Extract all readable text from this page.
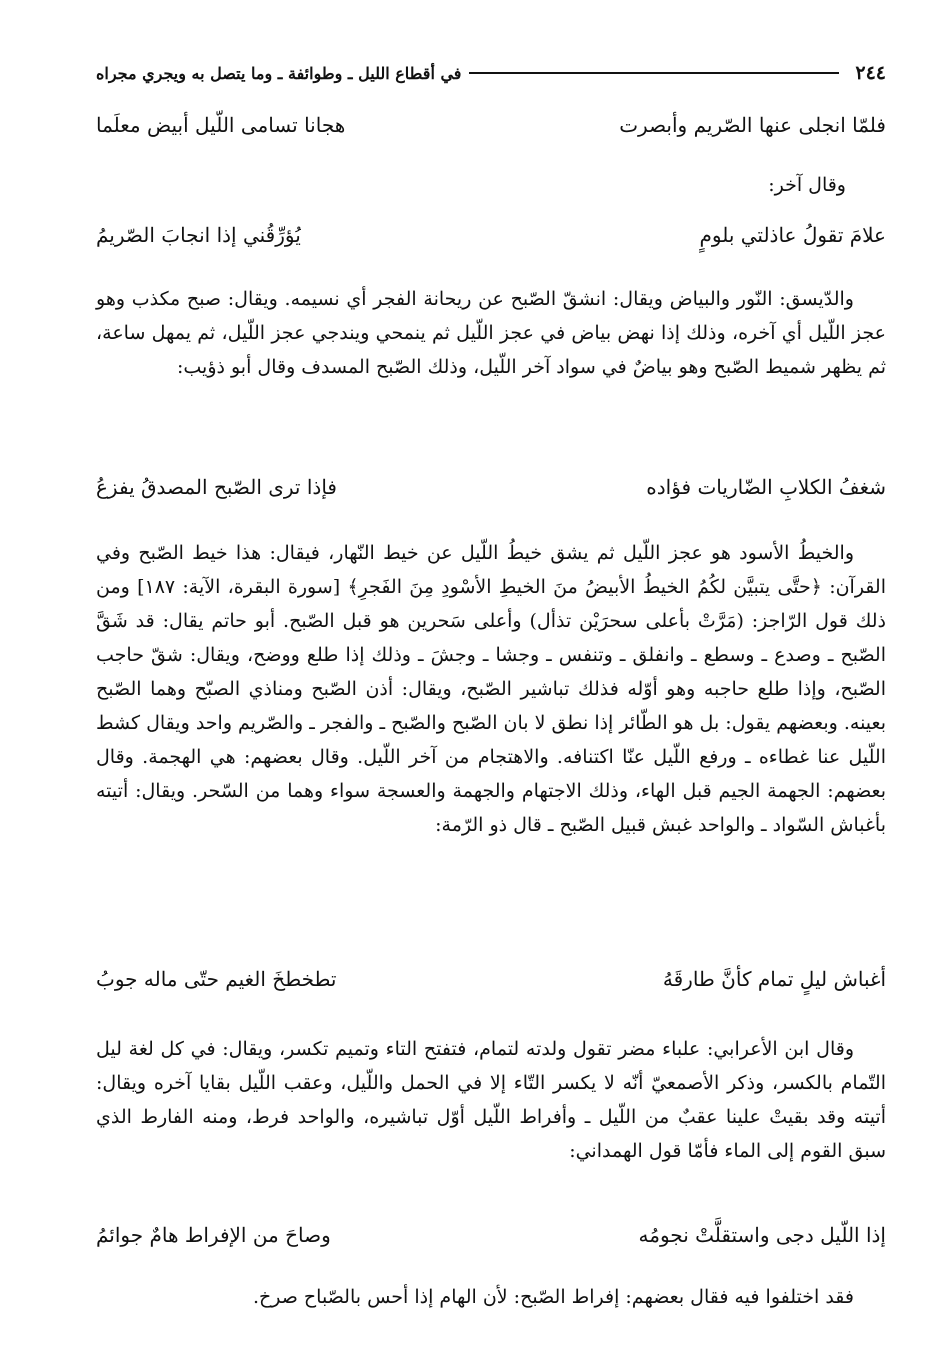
٢٤٤
في أقطاع الليل ـ وطوائفة ـ وما يتصل به ويجري مجراه
فلمّا انجلى عنها الصّريم وأبصرت
هجانا تسامى اللّيل أبيض معلَما
وقال آخر:
علامَ تقولُ عاذلتي بلومٍ
يُؤرِّقُني إذا انجابَ الصّريمُ

والدّيسق: النّور والبياض ويقال: انشقّ الصّبح عن ريحانة الفجر أي نسيمه. ويقال: صبح مكذب وهو عجز اللّيل أي آخره، وذلك إذا نهض بياض في عجز اللّيل ثم ينمحي ويندجي عجز اللّيل، ثم يمهل ساعة، ثم يظهر شميط الصّبح وهو بياضٌ في سواد آخر اللّيل، وذلك الصّبح المسدف وقال أبو ذؤيب:

شغفُ الكلابِ الضّاريات فؤاده
فإذا ترى الصّبح المصدقُ يفزعُ

والخيطُ الأسود هو عجز اللّيل ثم يشق خيطُ اللّيل عن خيط النّهار، فيقال: هذا خيط الصّبح وفي القرآن: ﴿حتَّى يتبيَّن لكُمُ الخيطُ الأبيضُ منَ الخيطِ الأسْودِ مِنَ الفَجرِ﴾ [سورة البقرة، الآية: ١٨٧] ومن ذلك قول الرّاجز: (مَرَّتْ بأعلى سحرَيْن تذأل) وأعلى سَحرين هو قبل الصّبح. أبو حاتم يقال: قد شَقَّ الصّبح ـ وصدع ـ وسطع ـ وانفلق ـ وتنفس ـ وجشا ـ وجشَ ـ وذلك إذا طلع ووضح، ويقال: شقّ حاجب الصّبح، وإذا طلع حاجبه وهو أوّله فذلك تباشير الصّبح، ويقال: أذن الصّبح ومناذي الصبّح وهما الصّبح بعينه. وبعضهم يقول: بل هو الطّائر إذا نطق لا بان الصّبح والصّبح ـ والفجر ـ والصّريم واحد ويقال كشط اللّيل عنا غطاءه ـ ورفع اللّيل عنّا اكتنافه. والاهتجام من آخر اللّيل. وقال بعضهم: هي الهجمة. وقال بعضهم: الجهمة الجيم قبل الهاء، وذلك الاجتهام والجهمة والعسجة سواء وهما من السّحر. ويقال: أتيته بأغباش السّواد ـ والواحد غبش قبيل الصّبح ـ قال ذو الرّمة:

أغباش ليلٍ تمام كأنَّ طارقَهُ
تطخطخَ الغيم حتّى ماله جوبُ

وقال ابن الأعرابي: علباء مضر تقول ولدته لتمام، فتفتح التاء وتميم تكسر، ويقال: في كل لغة ليل التّمام بالكسر، وذكر الأصمعيّ أنّه لا يكسر التّاء إلا في الحمل واللّيل، وعقب اللّيل بقايا آخره ويقال: أتيته وقد بقيتْ علينا عقبٌ من اللّيل ـ وأفراط اللّيل أوّل تباشيره، والواحد فرط، ومنه الفارط الذي سبق القوم إلى الماء فأمّا قول الهمداني:

إذا اللّيل دجى واستقلَّتْ نجومُه
وصاحَ من الإفراط هامٌ جوائمُ

فقد اختلفوا فيه فقال بعضهم: إفراط الصّبح: لأن الهام إذا أحس بالصّباح صرخ.
